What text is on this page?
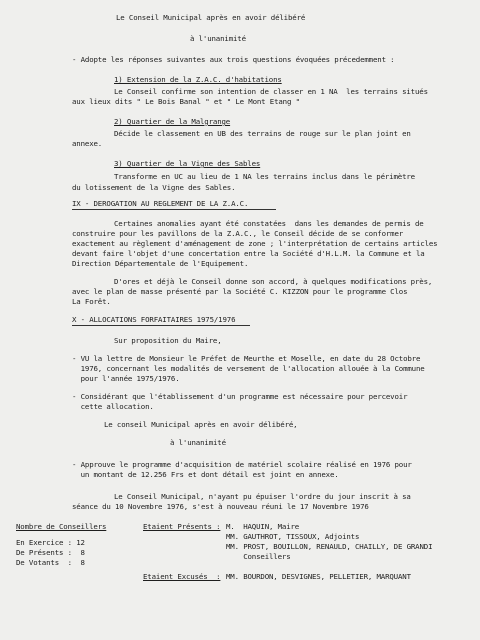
Le Conseil Municipal après en avoir délibéré
à l'unanimité
- Adopte les réponses suivantes aux trois questions évoquées précedemment :
1) Extension de la Z.A.C. d'habitations
Le Conseil confirme son intention de classer en 1 NA  les terrains situés
aux lieux dits " Le Bois Banal " et " Le Mont Etang "
2) Quartier de la Malgrange
Décide le classement en UB des terrains de rouge sur le plan joint en
annexe.
3) Quartier de la Vigne des Sables
Transforme en UC au lieu de 1 NA les terrains inclus dans le périmètre
du lotissement de la Vigne des Sables.
IX - DEROGATION AU REGLEMENT DE LA Z.A.C.
Certaines anomalies ayant été constatées  dans les demandes de permis de
construire pour les pavillons de la Z.A.C., le Conseil décide de se conformer
exactement au règlement d'aménagement de zone ; l'interprétation de certains articles
devant faire l'objet d'une concertation entre la Société d'H.L.M. la Commune et la
Direction Départementale de l'Equipement.
D'ores et déjà le Conseil donne son accord, à quelques modifications près,
avec le plan de masse présenté par la Société C. KIZZON pour le programme Clos
La Forêt.
X - ALLOCATIONS FORFAITAIRES 1975/1976
Sur proposition du Maire,
- VU la lettre de Monsieur le Préfet de Meurthe et Moselle, en date du 28 Octobre
1976, concernant les modalités de versement de l'allocation allouée à la Commune
pour l'année 1975/1976.
- Considérant que l'établissement d'un programme est nécessaire pour percevoir
cette allocation.
Le conseil Municipal après en avoir délibéré,
à l'unanimité
- Approuve le programme d'acquisition de matériel scolaire réalisé en 1976 pour
un montant de 12.256 Frs et dont détail est joint en annexe.
Le Conseil Municipal, n'ayant pu épuiser l'ordre du jour inscrit à sa
séance du 10 Novembre 1976, s'est à nouveau réuni le 17 Novembre 1976
Nombre de Conseillers
En Exercice : 12
De Présents :  8
De Votants  :  8
Etaient Présents : M.  HAQUIN, Maire
MM. GAUTHROT, TISSOUX, Adjoints
MM. PROST, BOUILLON, RENAULD, CHAILLY, DE GRANDI
Conseillers
Etaient Excusés  : MM. BOURDON, DESVIGNES, PELLETIER, MARQUANT
